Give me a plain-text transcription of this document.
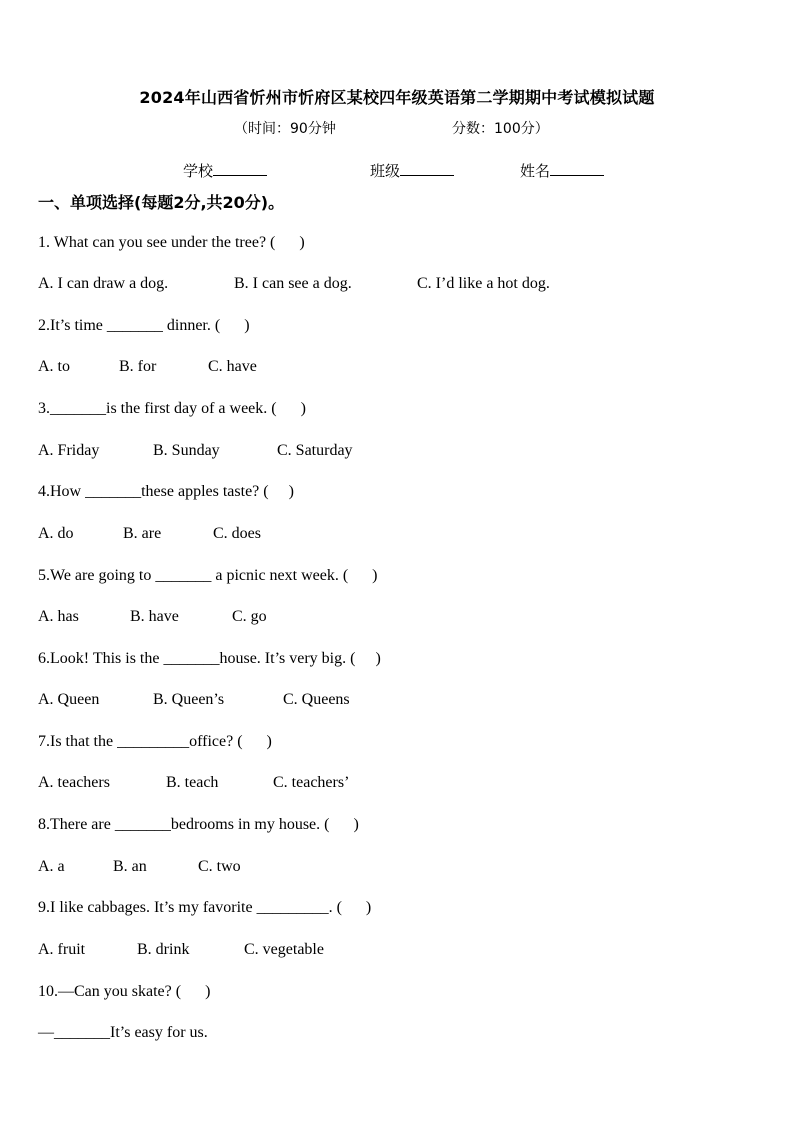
2024年山西省忻州市忻府区某校四年级英语第二学期期中考试模拟试题
（时间：90分钟	分数：100分）
学校	班级	姓名
一、单项选择(每题2分,共20分)。
1. What can you see under the tree? (      )
A. I can draw a dog.	B. I can see a dog.	C. I’d like a hot dog.
2.It’s time _______ dinner. (      )
A. to	B. for	C. have
3._______is the first day of a week. (      )
A. Friday	B. Sunday	C. Saturday
4.How _______these apples taste? (     )
A. do	B. are	C. does
5.We are going to _______ a picnic next week. (      )
A. has	B. have	C. go
6.Look! This is the _______house. It’s very big. (     )
A. Queen	B. Queen’s	C. Queens
7.Is that the _________office? (      )
A. teachers	B. teach	C. teachers’
8.There are _______bedrooms in my house. (      )
A. a	B. an	C. two
9.I like cabbages. It’s my favorite _________. (      )
A. fruit	B. drink	C. vegetable
10.—Can you skate? (      )
—_______It’s easy for us.
